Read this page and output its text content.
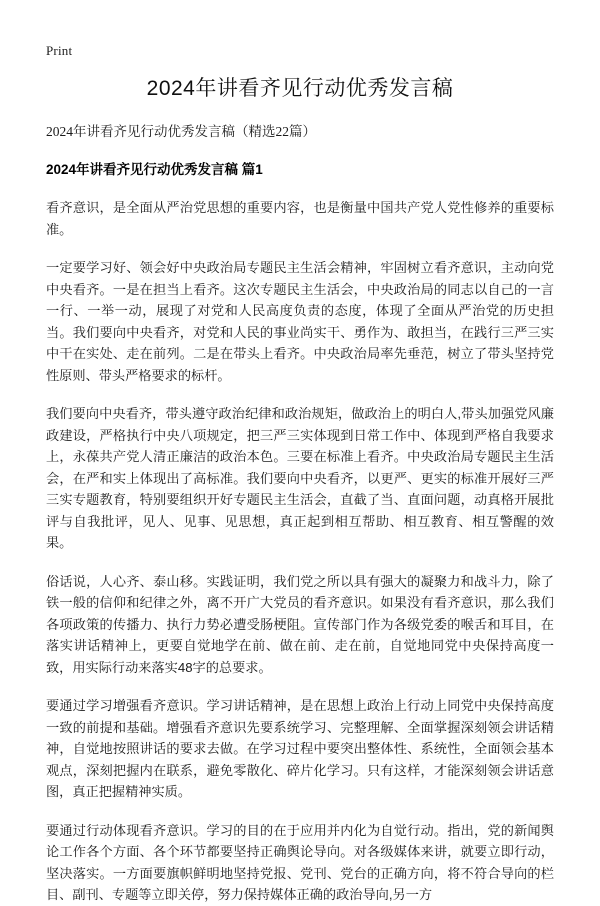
Print
2024年讲看齐见行动优秀发言稿

2024年讲看齐见行动优秀发言稿（精选22篇）

2024年讲看齐见行动优秀发言稿 篇1

看齐意识，是全面从严治党思想的重要内容，也是衡量中国共产党人党性修养的重要标准。

一定要学习好、领会好中央政治局专题民主生活会精神，牢固树立看齐意识，主动向党中央看齐。一是在担当上看齐。这次专题民主生活会，中央政治局的同志以自己的一言一行、一举一动，展现了对党和人民高度负责的态度，体现了全面从严治党的历史担当。我们要向中央看齐，对党和人民的事业尚实干、勇作为、敢担当，在践行三严三实中干在实处、走在前列。二是在带头上看齐。中央政治局率先垂范，树立了带头坚持党性原则、带头严格要求的标杆。

我们要向中央看齐，带头遵守政治纪律和政治规矩，做政治上的明白人,带头加强党风廉政建设，严格执行中央八项规定，把三严三实体现到日常工作中、体现到严格自我要求上，永葆共产党人清正廉洁的政治本色。三要在标准上看齐。中央政治局专题民主生活会，在严和实上体现出了高标准。我们要向中央看齐，以更严、更实的标准开展好三严三实专题教育，特别要组织开好专题民主生活会，直截了当、直面问题，动真格开展批评与自我批评，见人、见事、见思想，真正起到相互帮助、相互教育、相互警醒的效果。

俗话说，人心齐、泰山移。实践证明，我们党之所以具有强大的凝聚力和战斗力，除了铁一般的信仰和纪律之外，离不开广大党员的看齐意识。如果没有看齐意识，那么我们各项政策的传播力、执行力势必遭受肠梗阻。宣传部门作为各级党委的喉舌和耳目，在落实讲话精神上，更要自觉地学在前、做在前、走在前，自觉地同党中央保持高度一致，用实际行动来落实48字的总要求。

要通过学习增强看齐意识。学习讲话精神，是在思想上政治上行动上同党中央保持高度一致的前提和基础。增强看齐意识先要系统学习、完整理解、全面掌握深刻领会讲话精神，自觉地按照讲话的要求去做。在学习过程中要突出整体性、系统性，全面领会基本观点，深刻把握内在联系，避免零散化、碎片化学习。只有这样，才能深刻领会讲话意图，真正把握精神实质。

要通过行动体现看齐意识。学习的目的在于应用并内化为自觉行动。指出，党的新闻舆论工作各个方面、各个环节都要坚持正确舆论导向。对各级媒体来讲，就要立即行动，坚决落实。一方面要旗帜鲜明地坚持党报、党刊、党台的正确方向，将不符合导向的栏目、副刊、专题等立即关停，努力保持媒体正确的政治导向,另一方
